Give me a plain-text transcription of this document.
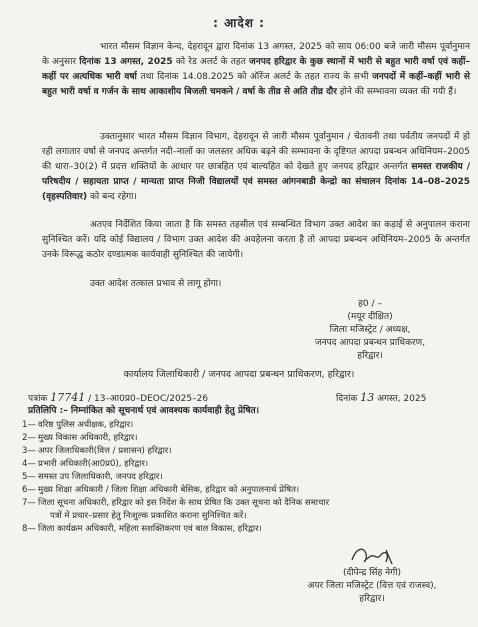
: आदेश :
भारत मौसम विज्ञान केन्द, देहरादून द्वारा दिनांक 13 अगस्त, 2025 को साय 06:00 बजे जारी मौसम पूर्वानुमान के अनुसार दिनांक 13 अगस्त, 2025 को रेड अलर्ट के तहत जनपद हरिद्वार के कुछ स्थानों में भारी से बहुत भारी वर्षा एवं कहीं–कहीं पर अत्यधिक भारी वर्षा तथा दिनांक 14.08.2025 को ऑरेंज अलर्ट के तहत राज्य के सभी जनपदों में कहीं–कहीं भारी से बहुत भारी वर्षा व गर्जन के साथ आकाशीय बिजली चमकने / वर्षा के तीव्र से अति तीव्र दौर होने की सम्भावना व्यक्त की गयी हैं।
उक्तानुसार भारत मौसम विज्ञान विभाग, देहरादून से जारी मौसम पूर्वानुमान / चेतावनी तथा पर्वतीय जनपदों में हो रही लगातार वर्षा से जनपद अन्तर्गत नदी–नालों का जलस्तर अधिक बढ़ने की सम्भावना के दृष्टिगत आपदा प्रबन्धन अधिनियम–2005 की धारा–30(2) में प्रदत्त शक्तियों के आधार पर छात्रहित एवं बाल्यहित को देखते हुए जनपद हरिद्वार अन्तर्गत समस्त राजकीय / परिषदीय / सहायता प्राप्त / मान्यता प्राप्त निजी विद्यालयों एवं समस्त आंगनबाडी केन्द्रो का संचालन दिनांक 14–08–2025 (वृहस्पतिवार) को बन्द रहेगा।
अतएव निर्देशित किया जाता है कि समस्त तहसील एवं सम्बन्धित विभाग उक्त आदेश का कड़ाई से अनुपालन कराना सुनिश्चित करें। यदि कोई विद्यालय / विभाग उक्त आदेश की अवहेलना करता है तो आपदा प्रबन्धन अधिनियम–2005 के अन्तर्गत उनके विरूद्ध कठोर दण्डात्मक कार्यवाही सुनिश्चित की जायेगी।
उक्त आदेश तत्काल प्रभाव से लागू होगा।
ह0 / –
(मयूर दीक्षित)
जिला मजिस्ट्रेट / अध्यक्ष,
जनपद आपदा प्रबन्धन प्राधिकरण,
हरिद्वार।
कार्यालय जिलाधिकारी / जनपद आपदा प्रबन्धन प्राधिकरण, हरिद्वार।
पत्रांक 17741 / 13–आ0प्र0–DEOC/2025–26	दिनांक 13 अगस्त, 2025
प्रतिलिपि :– निम्नांकित को सूचनार्थ एवं आवश्यक कार्यवाही हेतु प्रेषित।
1— वरिष्ठ पुलिस अधीक्षक, हरिद्वार।
2— मुख्य विकास अधिकारी, हरिद्वार।
3— अपर जिलाधिकारी(वित्त / प्रशासन) हरिद्वार।
4— प्रभारी अधिकारी(आ0प्र0), हरिद्वार।
5— समस्त उप जिलाधिकारी, जनपद हरिद्वार।
6— मुख्य शिक्षा अधिकारी / जिला शिक्षा अधिकारी बेसिक, हरिद्वार को अनुपालनार्थ प्रेषित।
7— जिला सूचना अधिकारी, हरिद्वार को इस निर्देश के साथ प्रेषित कि उक्त सूचना को दैनिक समाचार
पत्रों में प्रचार–प्रसार हेतु निःशुल्क प्रकाशित कराना सुनिश्चित करें।
8— जिला कार्यक्रम अधिकारी, महिला सशक्तिकरण एवं बाल विकास, हरिद्वार।
(दीपेन्द्र सिंह नेगी)
अपर जिला मजिस्ट्रेट (वित्त एवं राजस्व),
हरिद्वार।
